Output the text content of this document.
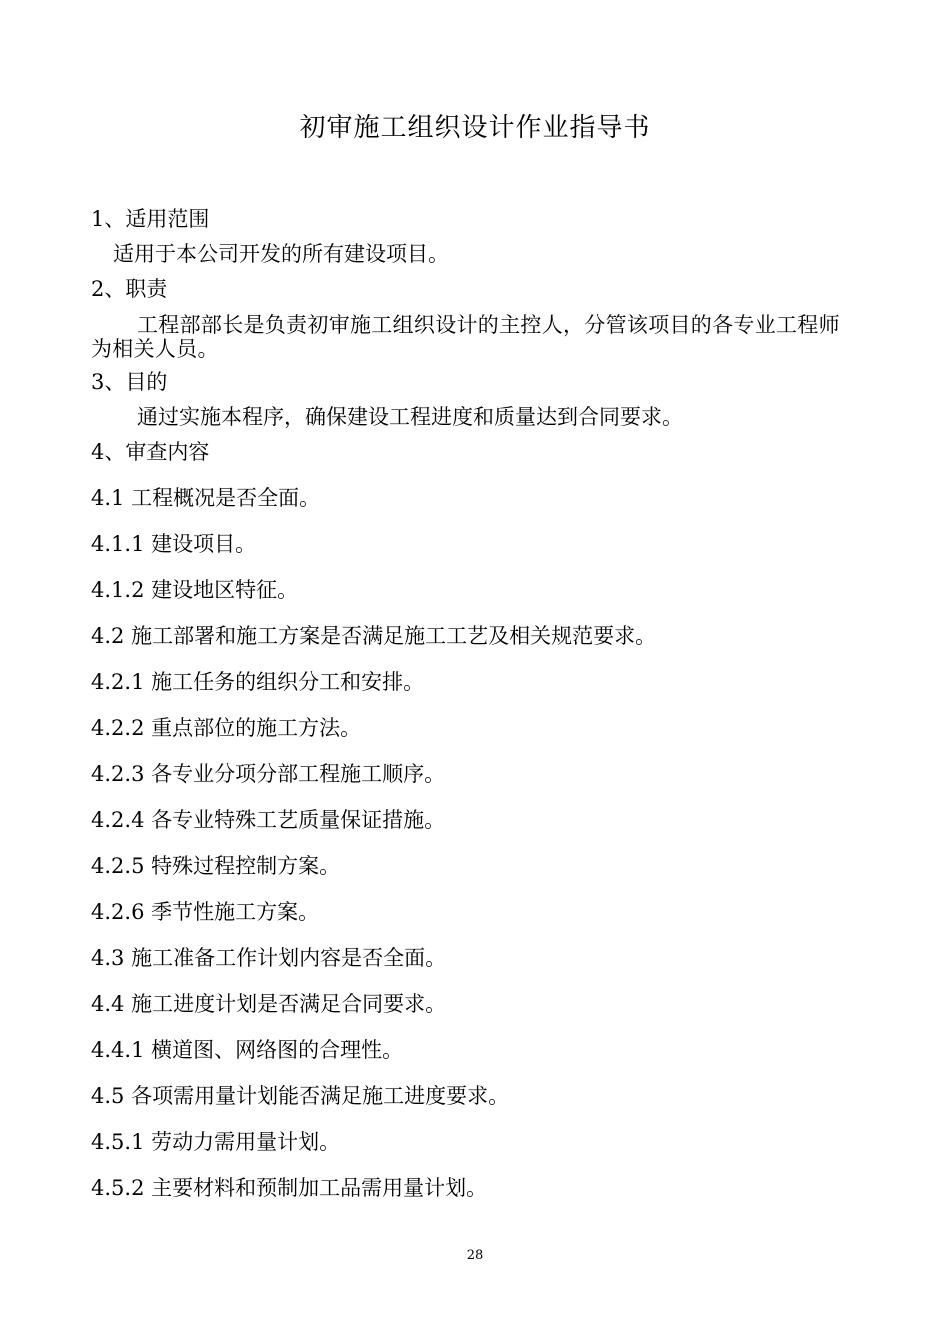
初审施工组织设计作业指导书

1、适用范围

适用于本公司开发的所有建设项目。

2、职责

工程部部长是负责初审施工组织设计的主控人，分管该项目的各专业工程师为相关人员。

3、目的

通过实施本程序，确保建设工程进度和质量达到合同要求。

4、审查内容

4.1 工程概况是否全面。

4.1.1 建设项目。

4.1.2 建设地区特征。

4.2 施工部署和施工方案是否满足施工工艺及相关规范要求。

4.2.1 施工任务的组织分工和安排。

4.2.2 重点部位的施工方法。

4.2.3 各专业分项分部工程施工顺序。

4.2.4 各专业特殊工艺质量保证措施。

4.2.5 特殊过程控制方案。

4.2.6 季节性施工方案。

4.3 施工准备工作计划内容是否全面。

4.4 施工进度计划是否满足合同要求。

4.4.1 横道图、网络图的合理性。

4.5 各项需用量计划能否满足施工进度要求。

4.5.1 劳动力需用量计划。

4.5.2 主要材料和预制加工品需用量计划。

28
